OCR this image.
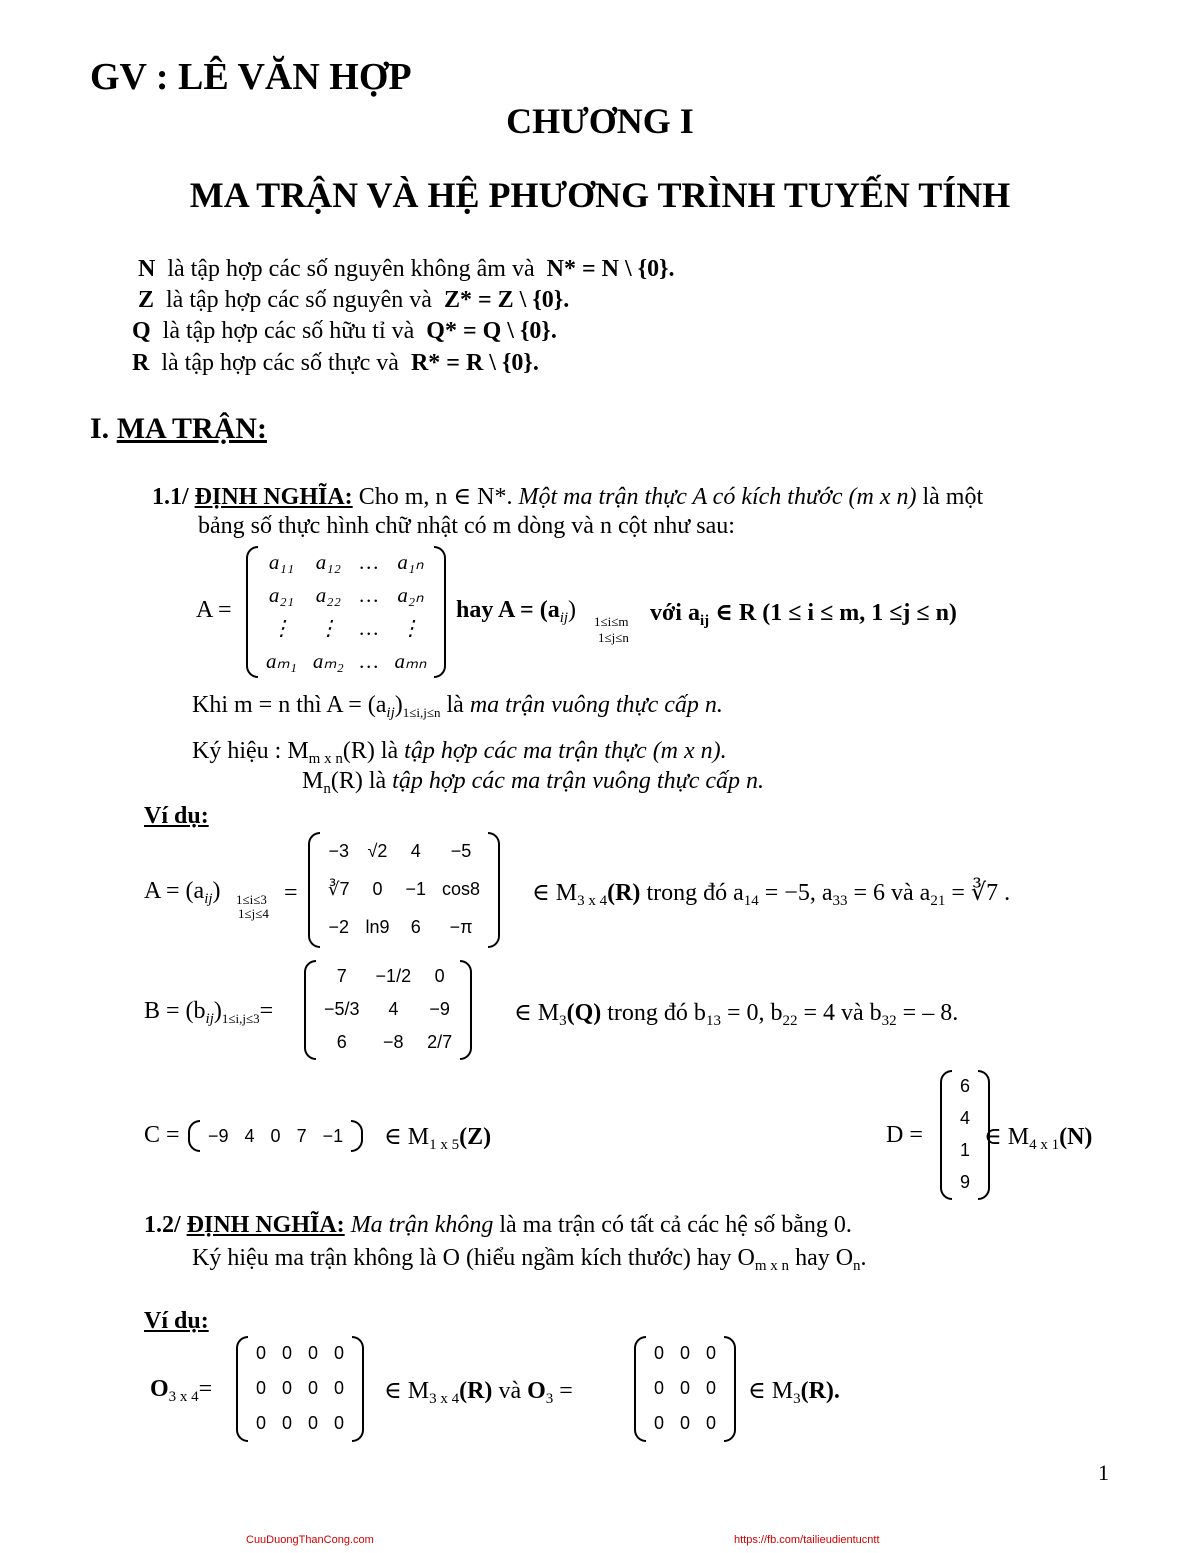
GV : LÊ VĂN HỢP
CHƯƠNG I
MA TRẬN VÀ HỆ PHƯƠNG TRÌNH TUYẾN TÍNH
N là tập hợp các số nguyên không âm và N* = N \ {0}.
Z là tập hợp các số nguyên và Z* = Z \ {0}.
Q là tập hợp các số hữu tỉ và Q* = Q \ {0}.
R là tập hợp các số thực và R* = R \ {0}.
I. MA TRẬN:
1.1/ ĐỊNH NGHĨA: Cho m, n ∈ N*. Một ma trận thực A có kích thước (m x n) là một
bảng số thực hình chữ nhật có m dòng và n cột như sau:
A =
a₁₁	a₁₂	…	a₁ₙ
a₂₁	a₂₂	…	a₂ₙ
⋮	⋮	…	⋮
aₘ₁	aₘ₂	…	aₘₙ
hay $A = (a_{ij})$ 1≤i≤m
1≤j≤n
với $a_{ij}$ ∈ R (1 ≤ i ≤ m, 1 ≤j ≤ n)
Khi m = n thì $A = (a_{ij})_{1\le i,j\le n}$ là ma trận vuông thực cấp n.
Ký hiệu : $M_{m x n}(R)$ là tập hợp các ma trận thực (m x n).
$M_n(R)$ là tập hợp các ma trận vuông thực cấp n.
Ví dụ:
$A = (a_{ij})$ 1≤i≤3
1≤j≤4
=
−3	√2	4	−5
∛7	0	−1	cos8
−2	ln9	6	−π
∈ $M_{3 x 4}(R)$ trong đó $a_{14} = -5$, $a_{33} = 6$ và $a_{21}$ = ∛7 .
$B = (b_{ij})_{1\le i,j\le 3}=$
7	−1/2	0
−5/3	4	−9
6	−8	2/7
∈ $M_3(Q)$ trong đó $b_{13} = 0$, $b_{22} = 4$ và $b_{32}$ = – 8.
C = −9	4	0	7	−1 ∈ $M_{1 x 5}(Z)$	D =
6
4
1
9
∈ $M_{4 x 1}(N)$
1.2/ ĐỊNH NGHĨA: Ma trận không là ma trận có tất cả các hệ số bằng 0.
Ký hiệu ma trận không là O (hiểu ngầm kích thước) hay $O_{m x n}$ hay $O_n$.
Ví dụ:
$O_{3 x 4}=$
0	0	0	0
0	0	0	0
0	0	0	0
∈ $M_{3 x 4}(R)$ và $O_3$ =
0	0	0
0	0	0
0	0	0
∈ $M_3(R)$.
1
CuuDuongThanCong.com	https://fb.com/tailieudientucntt
